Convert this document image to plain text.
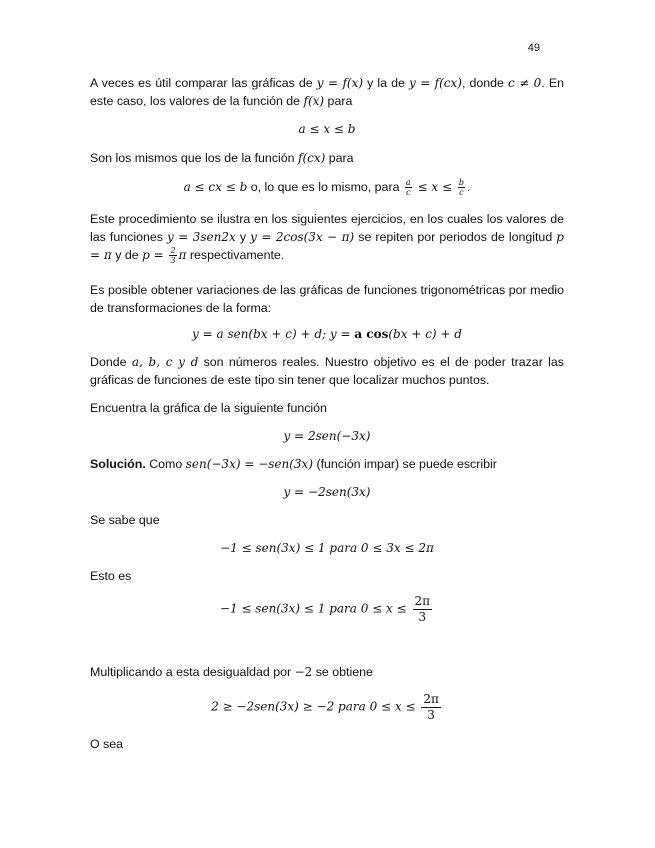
49

A veces es útil comparar las gráficas de y = f(x) y la de y = f(cx), donde c ≠ 0. En este caso, los valores de la función de f(x) para

a ≤ x ≤ b

Son los mismos que los de la función f(cx) para

a ≤ cx ≤ b o, lo que es lo mismo, para $\frac{a}{c} \le x \le \frac{b}{c}$ .

Este procedimiento se ilustra en los siguientes ejercicios, en los cuales los valores de las funciones y = 3sen2x y y = 2cos(3x − π) se repiten por periodos de longitud p = π y de $p = \frac{2}{3}$ π respectivamente.

Es posible obtener variaciones de las gráficas de funciones trigonométricas por medio de transformaciones de la forma:

y = a sen(bx + c) + d; y = a cos(bx + c) + d

Donde a, b, c y d son números reales. Nuestro objetivo es el de poder trazar las gráficas de funciones de este tipo sin tener que localizar muchos puntos.

Encuentra la gráfica de la siguiente función

y = 2sen(−3x)

Solución. Como sen(−3x) = −sen(3x) (función impar) se puede escribir

y = −2sen(3x)

Se sabe que

−1 ≤ sen(3x) ≤ 1 para 0 ≤ 3x ≤ 2π

Esto es

−1 ≤ sen(3x) ≤ 1 para $0 \le x \le \frac{2\pi}{3}$

Multiplicando a esta desigualdad por −2 se obtiene

2 ≥ −2sen(3x) ≥ −2 para $0 \le x \le \frac{2\pi}{3}$

O sea
